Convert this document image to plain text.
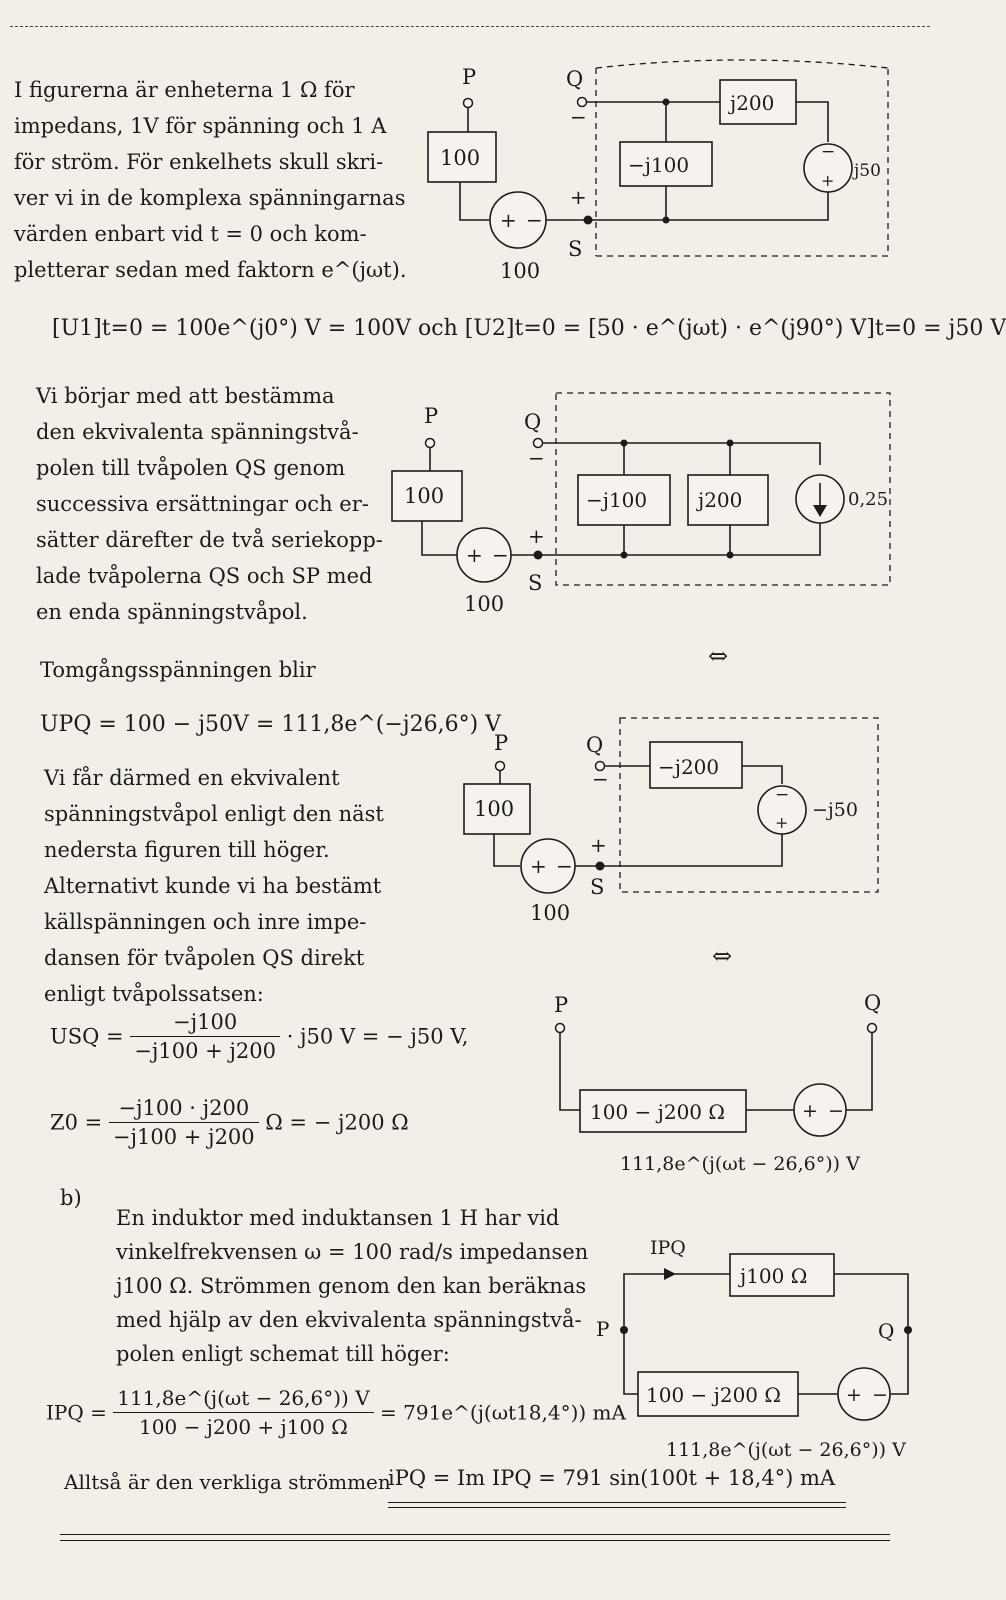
I figurerna är enheterna 1 Ω för
impedans, 1V för spänning och 1 A
för ström. För enkelhets skull skri-
ver vi in de komplexa spänningarnas
värden enbart vid t = 0 och kom-
pletterar sedan med faktorn e^(jωt).
[U1]t=0 = 100e^(j0°) V = 100V och [U2]t=0 = [50 · e^(jωt) · e^(j90°) V]t=0 = j50 V
Vi börjar med att bestämma
den ekvivalenta spänningstvå-
polen till tvåpolen QS genom
successiva ersättningar och er-
sätter därefter de två seriekopp-
lade tvåpolerna QS och SP med
en enda spänningstvåpol.
Tomgångsspänningen blir
UPQ = 100 − j50V = 111,8e^(−j26,6°) V
Vi får därmed en ekvivalent
spänningstvåpol enligt den näst
nedersta figuren till höger.
Alternativt kunde vi ha bestämt
källspänningen och inre impe-
dansen för tvåpolen QS direkt
enligt tvåpolssatsen:
USQ = $\frac{-j100}{-j100 + j200} \cdot j50$ V = − j50 V,
$Z0 = \frac{-j100 \cdot j200}{-j100 + j200}$ Ω = − j200 Ω
b)
En induktor med induktansen 1 H har vid
vinkelfrekvensen ω = 100 rad/s impedansen
j100 Ω. Strömmen genom den kan beräknas
med hjälp av den ekvivalenta spänningstvå-
polen enligt schemat till höger:
IPQ = $\frac{111,8e\^{}(j(\omega t - 26,6^\circ)) V}{100 - j200 + j100 \Omega}$ = 791e^(j(ωt18,4°)) mA
Alltså är den verkliga strömmen
iPQ = Im IPQ = 791 sin(100t + 18,4°) mA
P
100
+ −
100
+
S
Q
−
−j100
j200
−
+ j50
P
100
+ −
100
+
S
Q
−
−j100	j200	0,25
⇔
P
100
+ −
100
+
S
Q
− −j200
−
+
−j50
⇔
P	Q
100 − j200 Ω	+ −
111,8e^(j(ωt − 26,6°)) V
IPQ
j100 Ω
P	Q
100 − j200 Ω	+ −
111,8e^(j(ωt − 26,6°)) V
